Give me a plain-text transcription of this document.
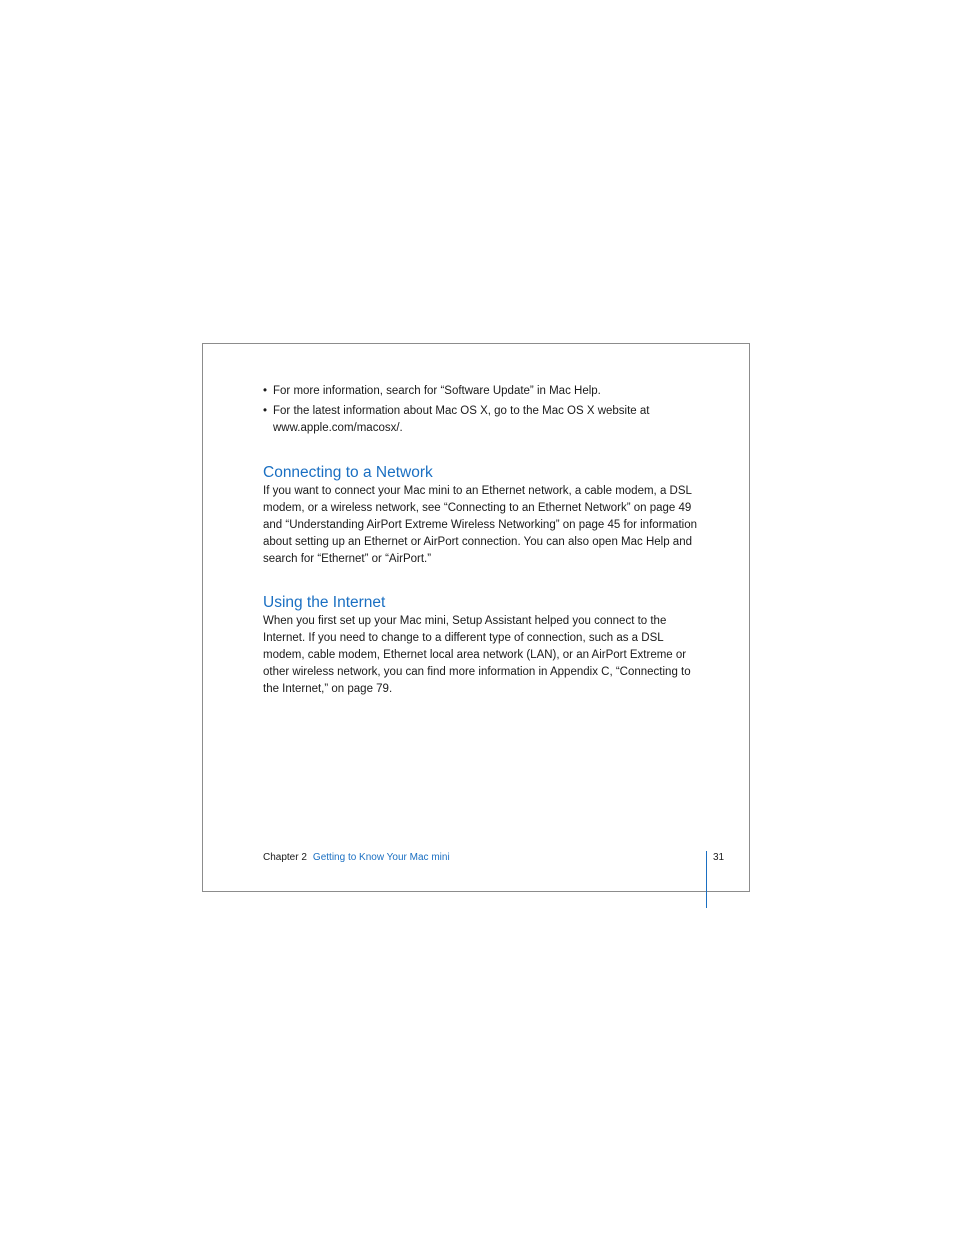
• For more information, search for “Software Update” in Mac Help.
• For the latest information about Mac OS X, go to the Mac OS X website at www.apple.com/macosx/.
Connecting to a Network

If you want to connect your Mac mini to an Ethernet network, a cable modem, a DSL modem, or a wireless network, see “Connecting to an Ethernet Network” on page 49 and “Understanding AirPort Extreme Wireless Networking” on page 45 for information about setting up an Ethernet or AirPort connection. You can also open Mac Help and search for “Ethernet” or “AirPort.”

Using the Internet

When you first set up your Mac mini, Setup Assistant helped you connect to the Internet. If you need to change to a different type of connection, such as a DSL modem, cable modem, Ethernet local area network (LAN), or an AirPort Extreme or other wireless network, you can find more information in Appendix C, “Connecting to the Internet,” on page 79.

Chapter 2 Getting to Know Your Mac mini	31
